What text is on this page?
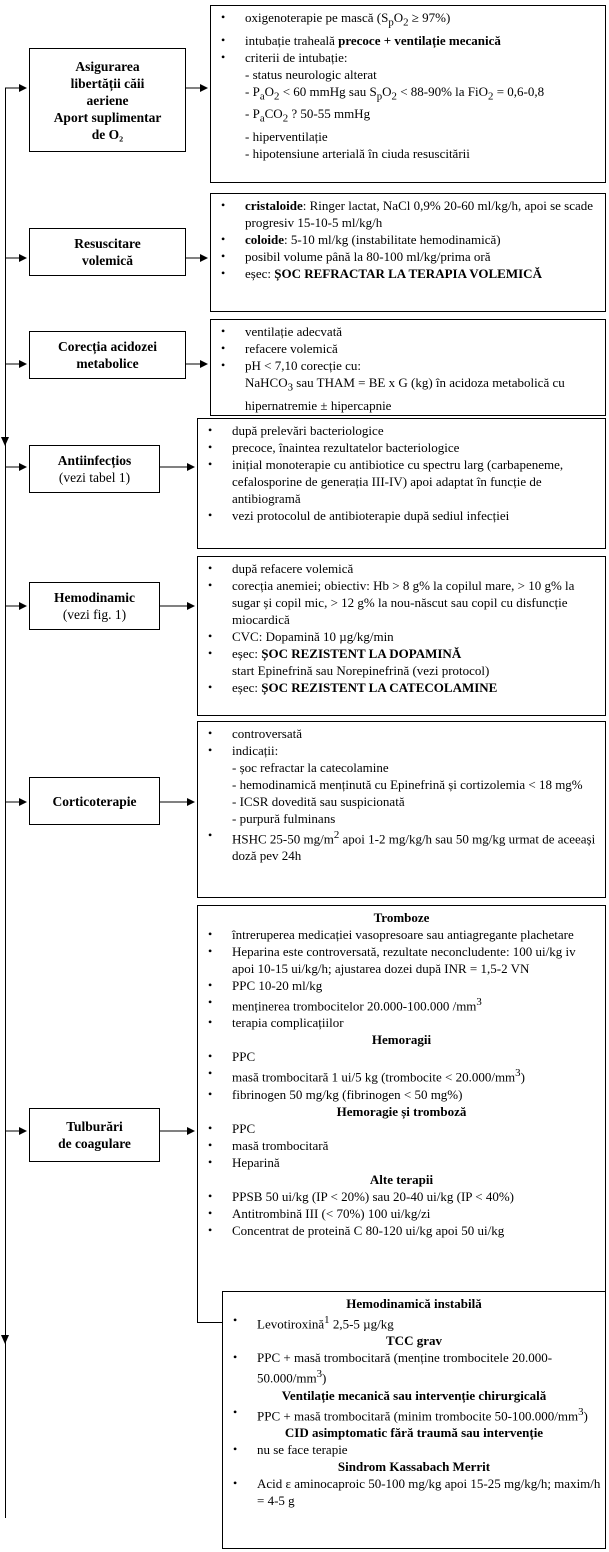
Asigurarea
libertății căii
aeriene
Aport suplimentar
de O₂
Resuscitare
volemică
Corecția acidozei
metabolice
Antiinfecțios
(vezi tabel 1)
Hemodinamic
(vezi fig. 1)
Corticoterapie
Tulburări
de coagulare
• oxigenoterapie pe mască $(S_pO_2 \ge 97\%)$
• intubație traheală precoce + ventilație mecanică
• criterii de intubație:
- status neurologic alterat
- $P_aO_2 < 60$ mmHg sau $S_pO_2 < 88-90\%$ la FiO$_2$ = 0,6-0,8
- $P_aCO_2$ ? 50-55 mmHg
- hiperventilație
- hipotensiune arterială în ciuda resuscitării
• cristaloide: Ringer lactat, NaCl 0,9% 20-60 ml/kg/h, apoi se scade progresiv 15-10-5 ml/kg/h
• coloide: 5-10 ml/kg (instabilitate hemodinamică)
• posibil volume până la 80-100 ml/kg/prima oră
• eșec: ȘOC REFRACTAR LA TERAPIA VOLEMICĂ
• ventilație adecvată
• refacere volemică
• pH < 7,10 corecție cu:
NaHCO$_3$ sau THAM = BE x G (kg) în acidoza metabolică cu hipernatremie ± hipercapnie
• după prelevări bacteriologice
• precoce, înaintea rezultatelor bacteriologice
• inițial monoterapie cu antibiotice cu spectru larg (carbapeneme, cefalosporine de generația III-IV) apoi adaptat în funcție de antibiogramă
• vezi protocolul de antibioterapie după sediul infecției
• după refacere volemică
• corecția anemiei; obiectiv: Hb > 8 g% la copilul mare, > 10 g% la sugar și copil mic, > 12 g% la nou-născut sau copil cu disfuncție miocardică
• CVC: Dopamină 10 µg/kg/min
• eșec: ȘOC REZISTENT LA DOPAMINĂ
start Epinefrină sau Norepinefrină (vezi protocol)
• eșec: ȘOC REZISTENT LA CATECOLAMINE
• controversată
• indicații:
- șoc refractar la catecolamine
- hemodinamică menținută cu Epinefrină și cortizolemia < 18 mg%
- ICSR dovedită sau suspicionată
- purpură fulminans
• HSHC 25-50 $mg/m^2$ apoi 1-2 mg/kg/h sau 50 mg/kg urmat de aceeași doză pev 24h
Tromboze
• întreruperea medicației vasopresoare sau antiagregante plachetare
• Heparina este controversată, rezultate neconcludente: 100 ui/kg iv apoi 10-15 ui/kg/h; ajustarea dozei după INR = 1,5-2 VN
• PPC 10-20 ml/kg
• menținerea trombocitelor 20.000-100.000 $/mm^3$
• terapia complicațiilor
Hemoragii
• PPC
• masă trombocitară 1 ui/5 kg (trombocite < $20.000/mm^3$)
• fibrinogen 50 mg/kg (fibrinogen < 50 mg%)
Hemoragie și tromboză
• PPC
• masă trombocitară
• Heparină
Alte terapii
• PPSB 50 ui/kg (IP < 20%) sau 20-40 ui/kg (IP < 40%)
• Antitrombină III (< 70%) 100 ui/kg/zi
• Concentrat de proteină C 80-120 ui/kg apoi 50 ui/kg
Hemodinamică instabilă
• Levotiroxină$^1$ 2,5-5 µg/kg
TCC grav
• PPC + masă trombocitară (menține trombocitele $20.000-50.000/mm^3$)
Ventilație mecanică sau intervenție chirurgicală
• PPC + masă trombocitară (minim trombocite $50-100.000/mm^3$)
CID asimptomatic fără traumă sau intervenție
• nu se face terapie
Sindrom Kassabach Merrit
• Acid ε aminocaproic 50-100 mg/kg apoi 15-25 mg/kg/h; maxim/h = 4-5 g
